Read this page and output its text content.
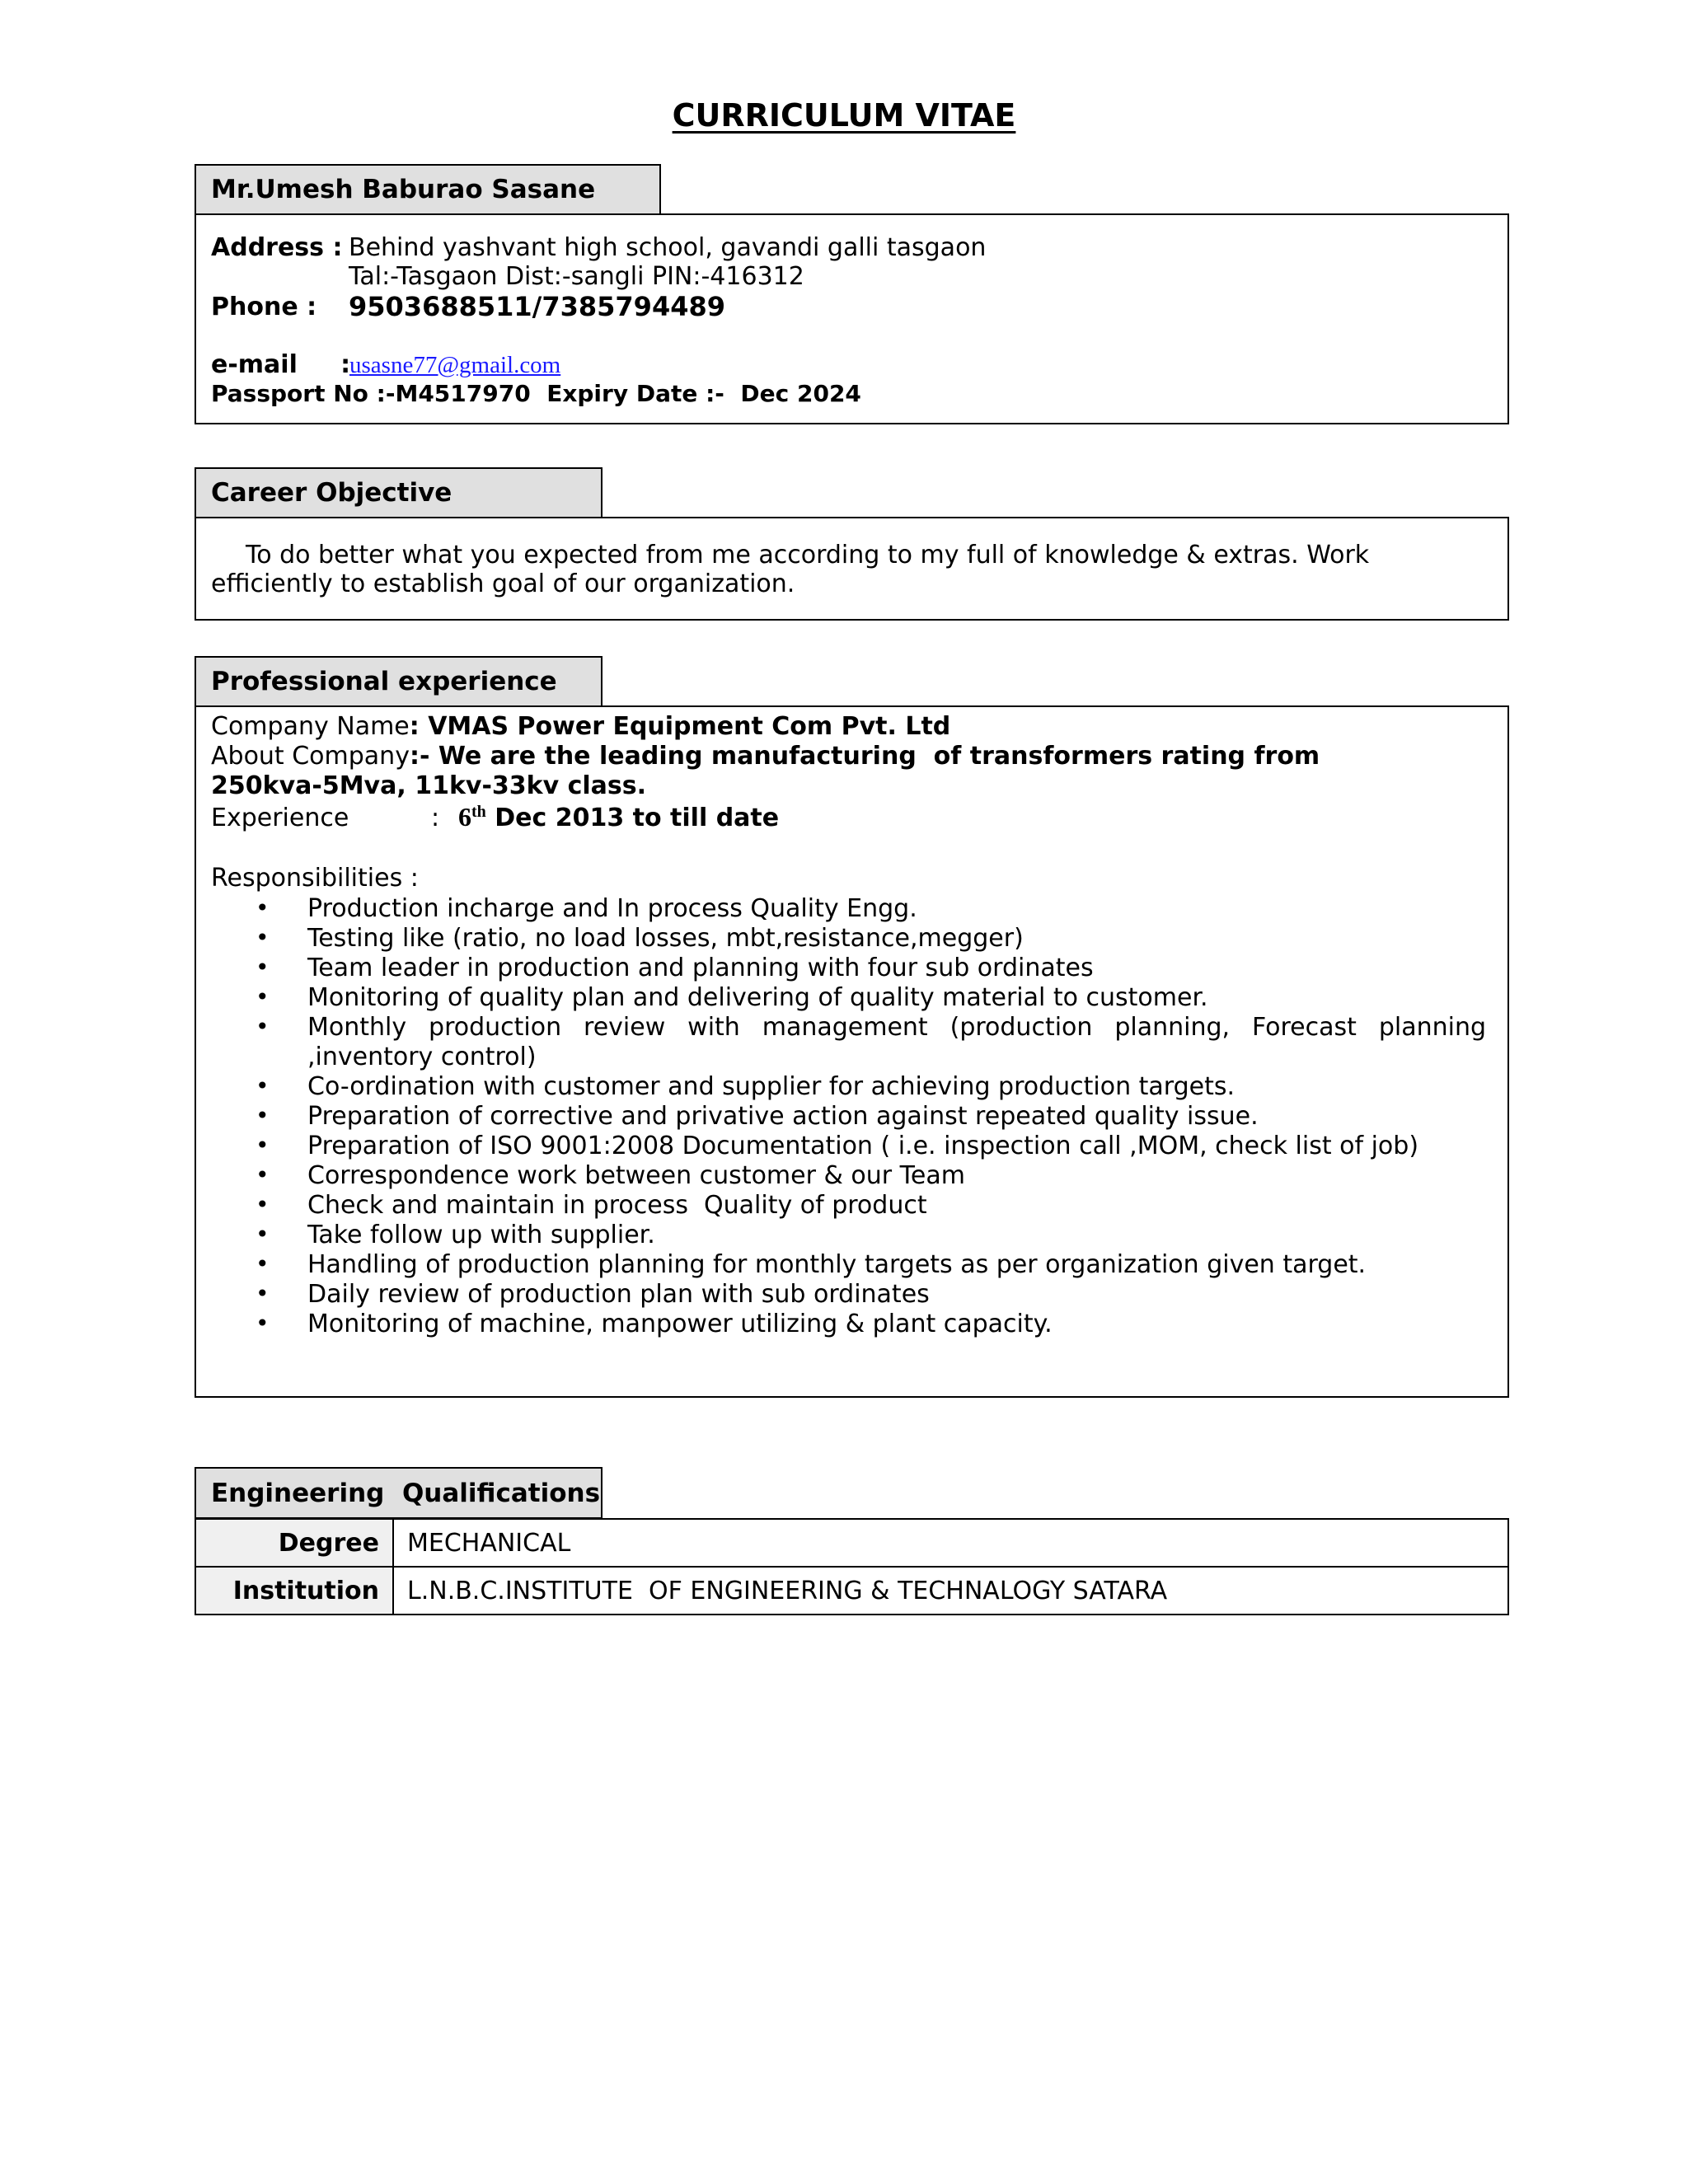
CURRICULUM VITAE
Mr.Umesh Baburao Sasane
Address : Behind yashvant high school, gavandi galli tasgaon
Tal:-Tasgaon Dist:-sangli PIN:-416312
Phone : 9503688511/7385794489
e-mail     :
usasne77@gmail.com
Passport No :-M4517970  Expiry Date :-  Dec 2024
Career Objective
To do better what you expected from me according to my full of knowledge & extras. Work
efficiently to establish goal of our organization.
Professional experience
Company Name: VMAS Power Equipment Com Pvt. Ltd
About Company:- We are the leading manufacturing  of transformers rating from
250kva-5Mva, 11kv-33kv class.
Experience	: 6th Dec 2013 to till date
Responsibilities :
• Production incharge and In process Quality Engg.
• Testing like (ratio, no load losses, mbt,resistance,megger)
• Team leader in production and planning with four sub ordinates
• Monitoring of quality plan and delivering of quality material to customer.
• Monthly production review with management (production planning, Forecast planning
,inventory control)
• Co-ordination with customer and supplier for achieving production targets.
• Preparation of corrective and privative action against repeated quality issue.
• Preparation of ISO 9001:2008 Documentation ( i.e. inspection call ,MOM, check list of job)
• Correspondence work between customer & our Team
• Check and maintain in process  Quality of product
• Take follow up with supplier.
• Handling of production planning for monthly targets as per organization given target.
• Daily review of production plan with sub ordinates
• Monitoring of machine, manpower utilizing & plant capacity.
Engineering  Qualifications
Degree	MECHANICAL
Institution	L.N.B.C.INSTITUTE  OF ENGINEERING & TECHNALOGY SATARA
